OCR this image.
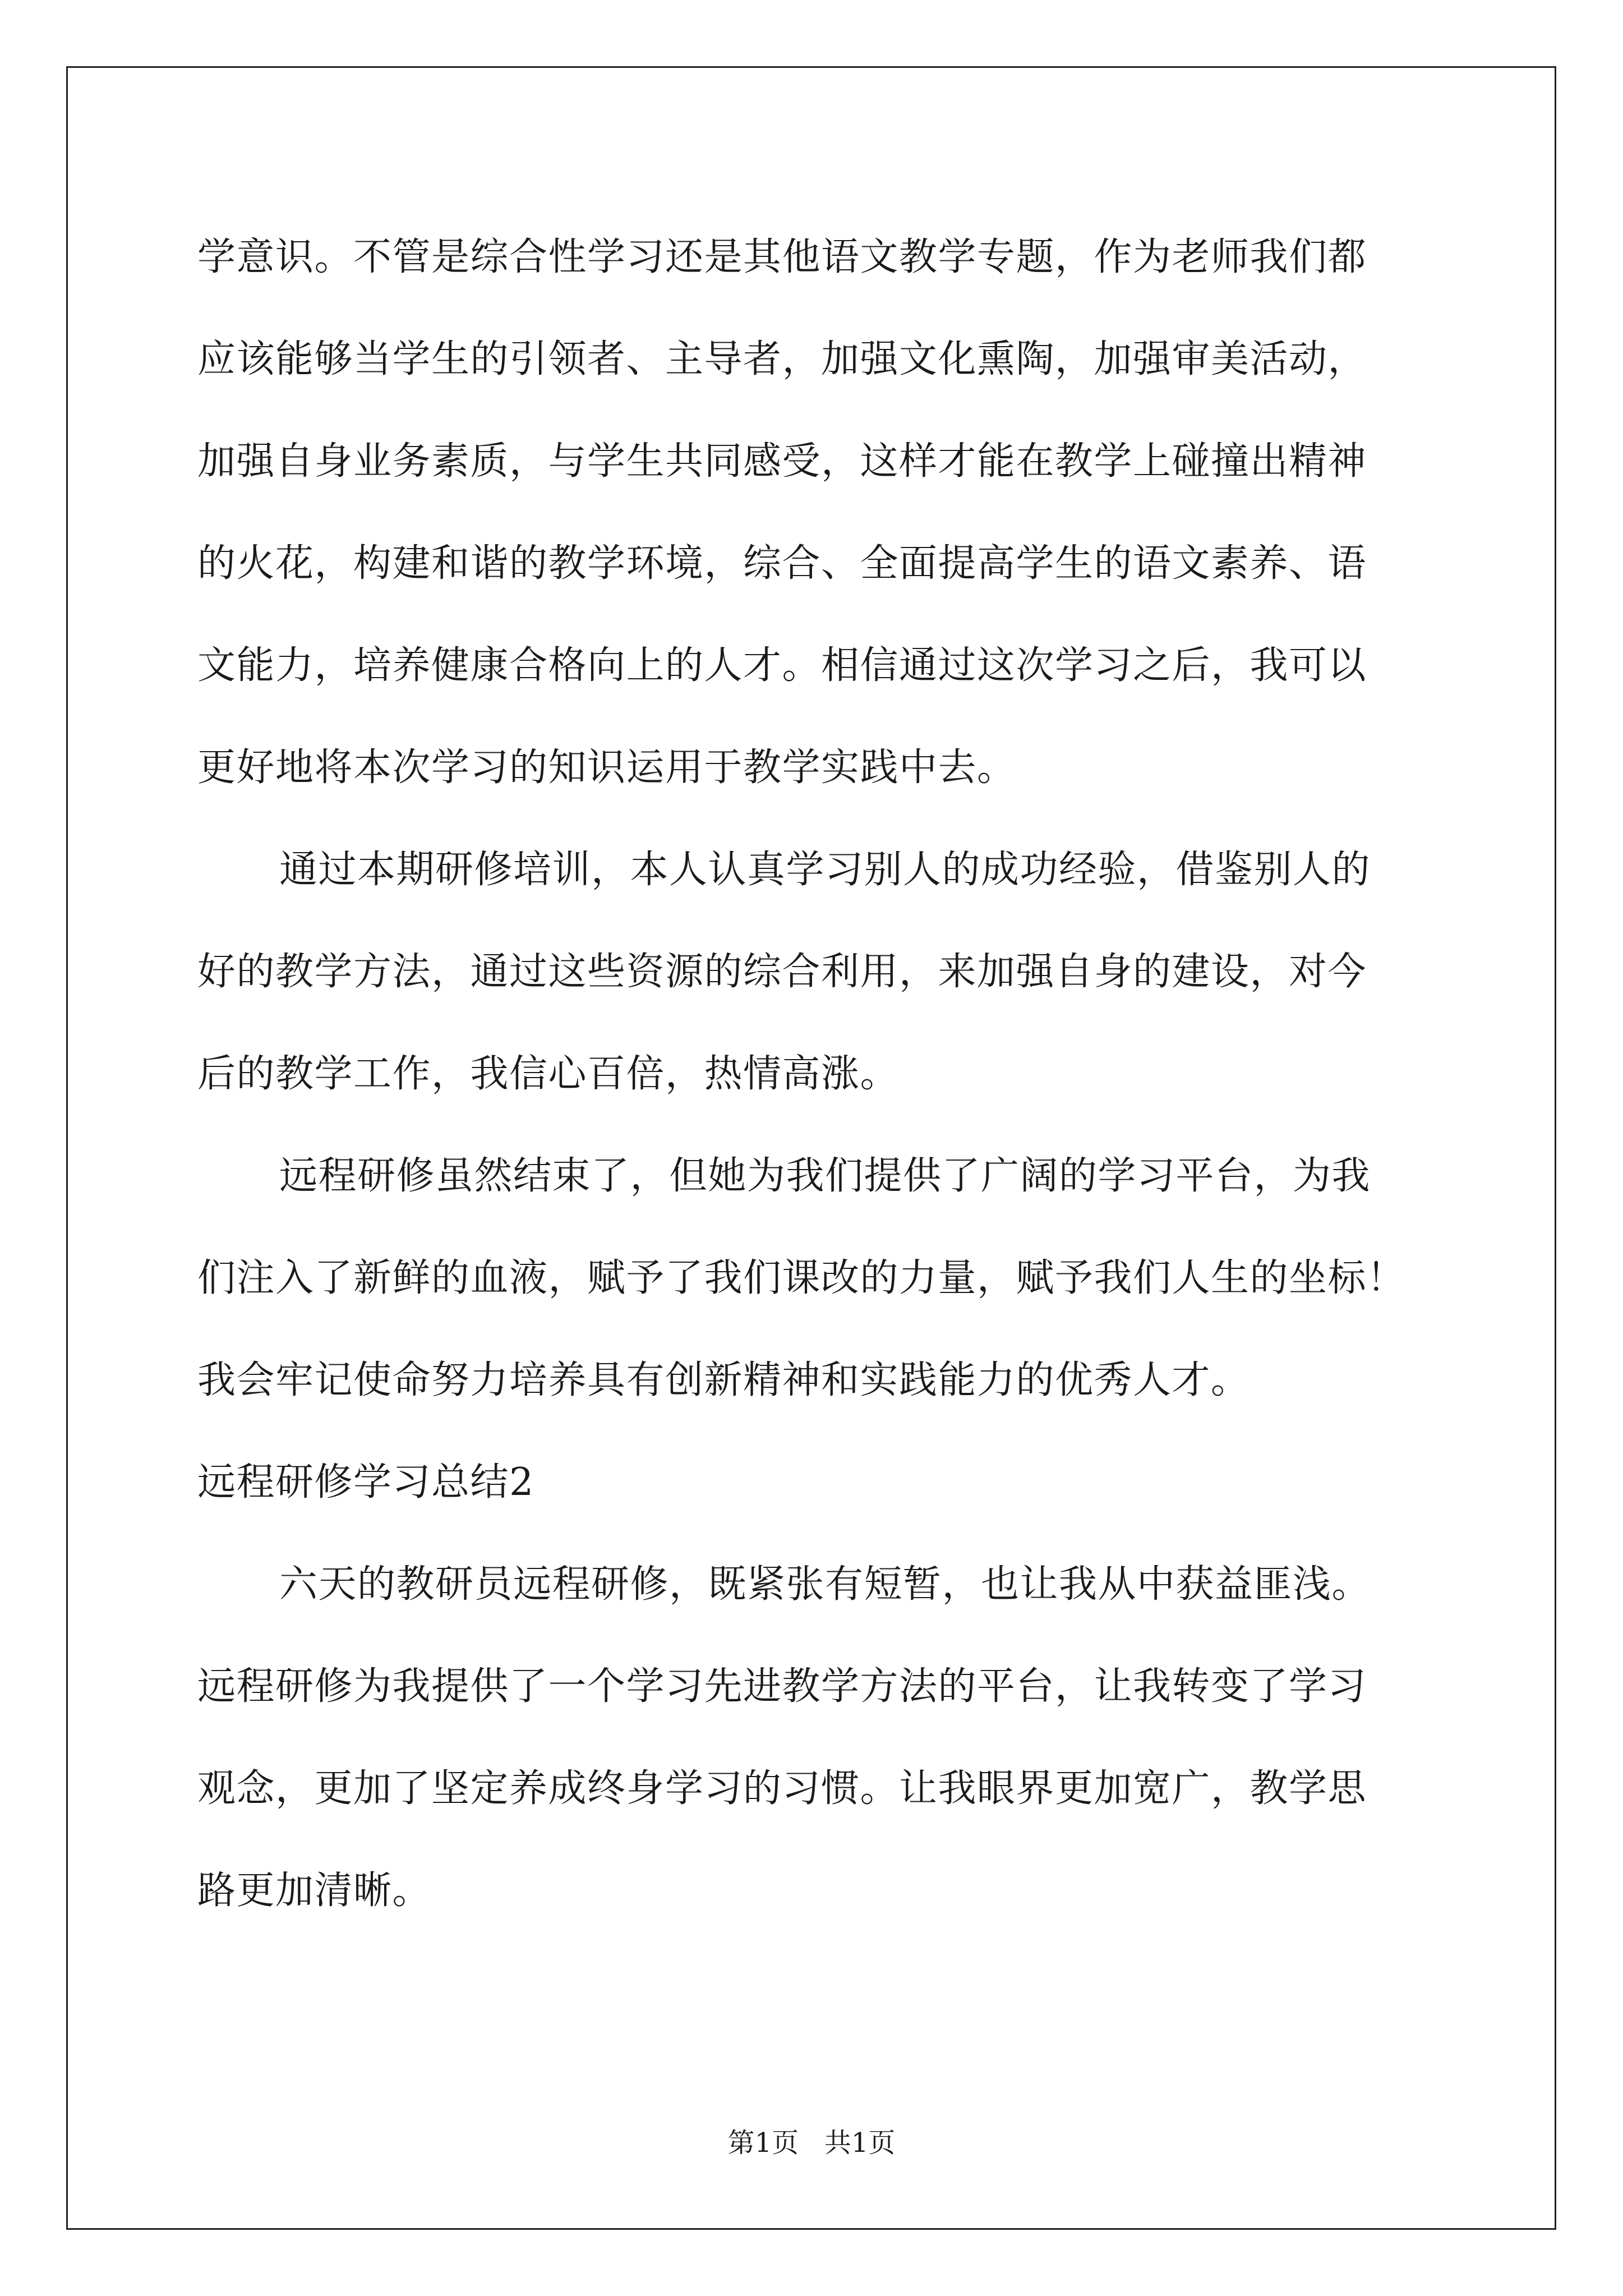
学意识。不管是综合性学习还是其他语文教学专题，作为老师我们都
应该能够当学生的引领者、主导者，加强文化熏陶，加强审美活动，
加强自身业务素质，与学生共同感受，这样才能在教学上碰撞出精神
的火花，构建和谐的教学环境，综合、全面提高学生的语文素养、语
文能力，培养健康合格向上的人才。相信通过这次学习之后，我可以
更好地将本次学习的知识运用于教学实践中去。
通过本期研修培训，本人认真学习别人的成功经验，借鉴别人的
好的教学方法，通过这些资源的综合利用，来加强自身的建设，对今
后的教学工作，我信心百倍，热情高涨。
远程研修虽然结束了，但她为我们提供了广阔的学习平台，为我
们注入了新鲜的血液，赋予了我们课改的力量，赋予我们人生的坐标！
我会牢记使命努力培养具有创新精神和实践能力的优秀人才。
远程研修学习总结2
六天的教研员远程研修，既紧张有短暂，也让我从中获益匪浅。
远程研修为我提供了一个学习先进教学方法的平台，让我转变了学习
观念，更加了坚定养成终身学习的习惯。让我眼界更加宽广，教学思
路更加清晰。
第1页   共1页
